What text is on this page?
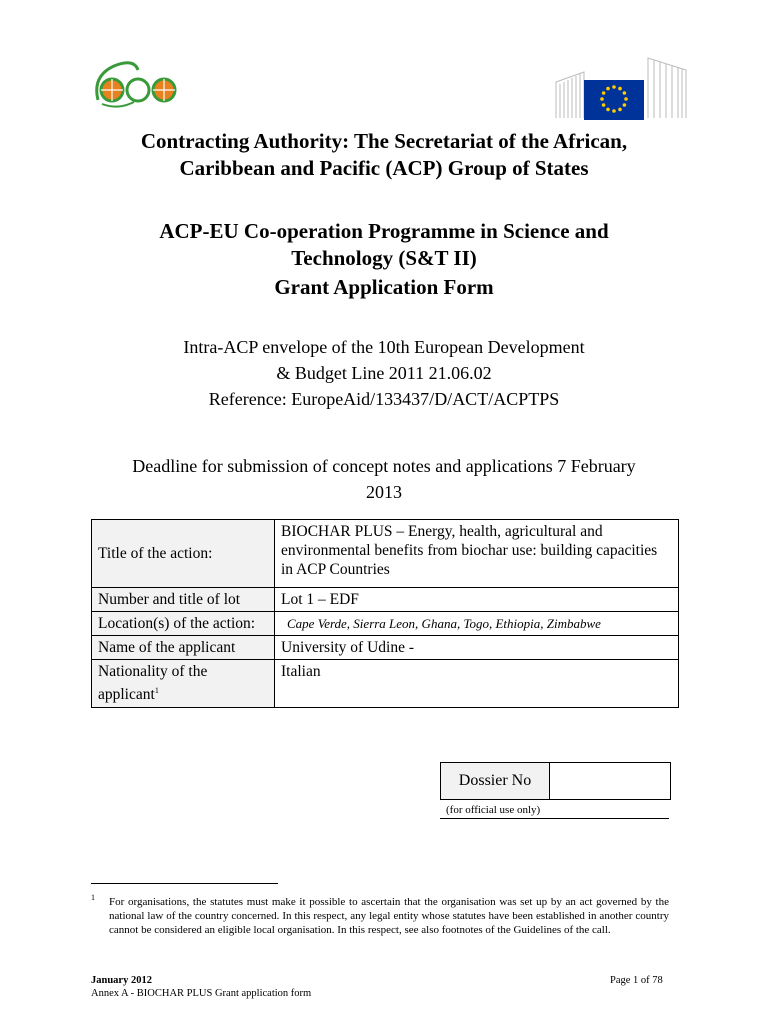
Contracting Authority: The Secretariat of the African,
Caribbean and Pacific (ACP) Group of States
ACP-EU Co-operation Programme in Science and
Technology (S&T II)
Grant Application Form
Intra-ACP envelope of the 10th European Development
& Budget Line 2011 21.06.02
Reference: EuropeAid/133437/D/ACT/ACPTPS
Deadline for submission of concept notes and applications 7 February
2013
Title of the action:	BIOCHAR PLUS – Energy, health, agricultural and environmental benefits from biochar use: building capacities in ACP Countries
Number and title of lot	Lot 1 – EDF
Location(s) of the action:	Cape Verde, Sierra Leon, Ghana, Togo, Ethiopia, Zimbabwe
Name of the applicant	University of Udine -
Nationality of the applicant$^1$	Italian
Dossier No
(for official use only)
1	For organisations, the statutes must make it possible to ascertain that the organisation was set up by an act governed by the national law of the country concerned. In this respect, any legal entity whose statutes have been established in another country cannot be considered an eligible local organisation. In this respect, see also footnotes of the Guidelines of the call.
January 2012	Page 1 of 78
Annex A - BIOCHAR PLUS Grant application form
